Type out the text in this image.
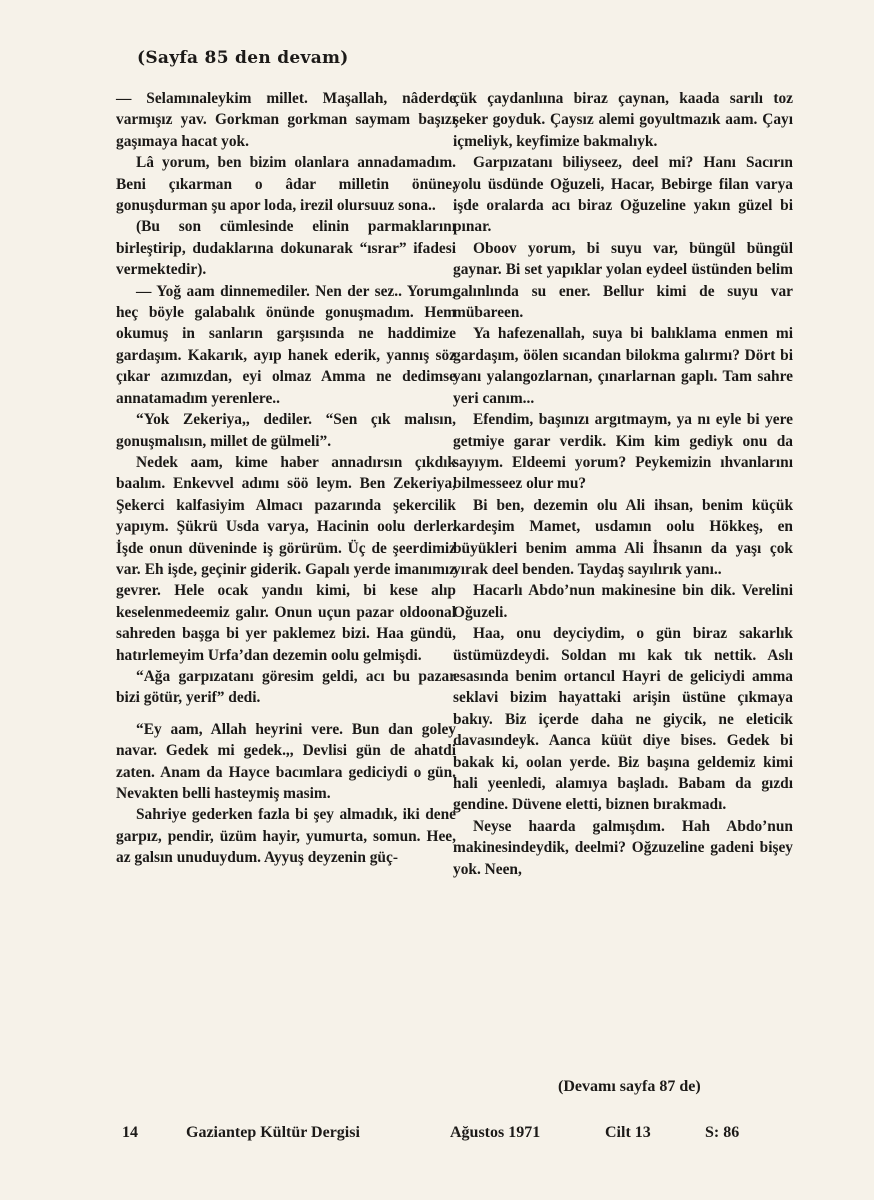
(Sayfa 85 den devam)

— Selamınaleykim millet. Maşallah, nâderde varmışız yav. Gorkman gorkman saymam başızı gaşımaya hacat yok.

Lâ yorum, ben bizim olanlara annadamadım. Beni çıkarman o âdar milletin önüne, gonuşdurman şu apor loda, irezil olursuuz sona..

(Bu son cümlesinde elinin parmaklarını birleştirip, dudaklarına dokunarak “ısrar” ifadesi vermektedir).

— Yoğ aam dinnemediler. Nen der sez.. Yorum, heç böyle galabalık önünde gonuşmadım. Hem okumuş in sanların garşısında ne haddimize gardaşım. Kakarık, ayıp hanek ederik, yannış söz çıkar azımızdan, eyi olmaz Amma ne dedimse annatamadım yerenlere..

“Yok Zekeriya,, dediler. “Sen çık malısın, gonuşmalısın, millet de gülmeli”.

Nedek aam, kime haber annadırsın çıkdık baalım. Enkevvel adımı söö leym. Ben Zekeriya, Şekerci kalfasiyim Almacı pazarında şekercilik yapıym. Şükrü Usda varya, Hacinin oolu derler. İşde onun düveninde iş görürüm. Üç de şeerdimiz var. Eh işde, geçinir giderik. Gapalı yerde imanımız gevrer. Hele ocak yandıı kimi, bi kese alıp keselenmedeemiz galır. Onun uçun pazar oldoonal sahreden başga bi yer paklemez bizi. Haa gündü, hatırlemeyim Urfa’dan dezemin oolu gelmişdi.

“Ağa garpızatanı göresim geldi, acı bu pazar bizi götür, yerif” dedi.

“Ey aam, Allah heyrini vere. Bun dan goley navar. Gedek mi gedek.,, Devlisi gün de ahatdi zaten. Anam da Hayce bacımlara gediciydi o gün. Nevakten belli hasteymiş masim.

Sahriye gederken fazla bi şey almadık, iki dene garpız, pendir, üzüm hayir, yumurta, somun. Hee, az galsın unuduydum. Ayyuş deyzenin güç-

çük çaydanlıına biraz çaynan, kaada sarılı toz şeker goyduk. Çaysız alemi goyultmazık aam. Çayı içmeliyk, keyfimize bakmalıyk.

Garpızatanı biliyseez, deel mi? Hanı Sacırın yolu üsdünde Oğuzeli, Hacar, Bebirge filan varya işde oralarda acı biraz Oğuzeline yakın güzel bi pınar.

Oboov yorum, bi suyu var, büngül büngül gaynar. Bi set yapıklar yolan eydeel üstünden belim galınlında su ener. Bellur kimi de suyu var mübareen.

Ya hafezenallah, suya bi balıklama enmen mi gardaşım, öölen sıcandan bilokma galırmı? Dört bi yanı yalangozlarnan, çınarlarnan gaplı. Tam sahre yeri canım...

Efendim, başınızı argıtmaym, ya nı eyle bi yere getmiye garar verdik. Kim kim gediyk onu da sayıym. Eldeemi yorum? Peykemizin ıhvanlarını bilmesseez olur mu?

Bi ben, dezemin olu Ali ihsan, benim küçük kardeşim Mamet, usdamın oolu Hökkeş, en büyükleri benim amma Ali İhsanın da yaşı çok yırak deel benden. Taydaş sayılırık yanı..

Hacarlı Abdo’nun makinesine bin dik. Verelini Oğuzeli.

Haa, onu deyciydim, o gün biraz sakarlık üstümüzdeydi. Soldan mı kak tık nettik. Aslı esasında benim ortancıl Hayri de geliciydi amma seklavi bizim hayattaki arişin üstüne çıkmaya bakıy. Biz içerde daha ne giycik, ne eleticik davasındeyk. Aanca küüt diye bises. Gedek bi bakak ki, oolan yerde. Biz başına geldemiz kimi hali yeenledi, alamıya başladı. Babam da gızdı gendine. Düvene eletti, biznen bırakmadı.

Neyse haarda galmışdım. Hah Abdo’nun makinesindeydik, deelmi? Oğzuzeline gadeni bişey yok. Neen,

(Devamı sayfa 87 de)
14	Gaziantep Kültür Dergisi	Ağustos 1971	Cilt 13	S: 86
